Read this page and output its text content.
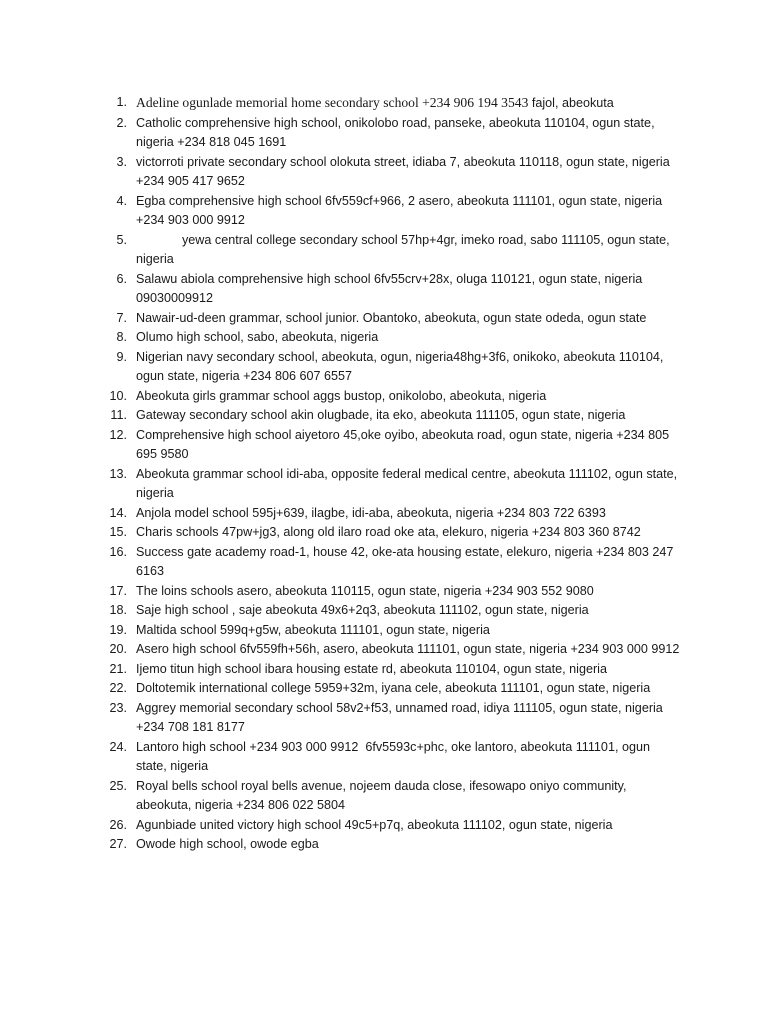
1. Adeline ogunlade memorial home secondary school +234 906 194 3543 fajol, abeokuta
2. Catholic comprehensive high school, onikolobo road, panseke, abeokuta 110104, ogun state, nigeria +234 818 045 1691
3. victorroti private secondary school olokuta street, idiaba 7, abeokuta 110118, ogun state, nigeria   +234 905 417 9652
4. Egba comprehensive high school 6fv559cf+966, 2 asero, abeokuta 111101, ogun state, nigeria +234 903 000 9912
5.	yewa central college secondary school 57hp+4gr, imeko road, sabo 111105, ogun state, nigeria
6. Salawu abiola comprehensive high school 6fv55crv+28x, oluga 110121, ogun state, nigeria 09030009912
7. Nawair-ud-deen grammar, school junior. Obantoko, abeokuta, ogun state odeda, ogun state
8. Olumo high school, sabo, abeokuta, nigeria
9. Nigerian navy secondary school, abeokuta, ogun, nigeria48hg+3f6, onikoko, abeokuta 110104, ogun state, nigeria +234 806 607 6557
10. Abeokuta girls grammar school aggs bustop, onikolobo, abeokuta, nigeria
11. Gateway secondary school akin olugbade, ita eko, abeokuta 111105, ogun state, nigeria
12. Comprehensive high school aiyetoro 45,oke oyibo, abeokuta road, ogun state, nigeria +234 805 695 9580
13. Abeokuta grammar school idi-aba, opposite federal medical centre, abeokuta 111102, ogun state, nigeria
14. Anjola model school 595j+639, ilagbe, idi-aba, abeokuta, nigeria +234 803 722 6393
15. Charis schools 47pw+jg3, along old ilaro road oke ata, elekuro, nigeria +234 803 360 8742
16. Success gate academy road-1, house 42, oke-ata housing estate, elekuro, nigeria +234 803 247 6163
17. The loins schools asero, abeokuta 110115, ogun state, nigeria +234 903 552 9080
18. Saje high school , saje abeokuta 49x6+2q3, abeokuta 111102, ogun state, nigeria
19. Maltida school 599q+g5w, abeokuta 111101, ogun state, nigeria
20. Asero high school 6fv559fh+56h, asero, abeokuta 111101, ogun state, nigeria +234 903 000 9912
21. Ijemo titun high school ibara housing estate rd, abeokuta 110104, ogun state, nigeria
22. Doltotemik international college 5959+32m, iyana cele, abeokuta 111101, ogun state, nigeria
23. Aggrey memorial secondary school 58v2+f53, unnamed road, idiya 111105, ogun state, nigeria +234 708 181 8177
24. Lantoro high school +234 903 000 9912  6fv5593c+phc, oke lantoro, abeokuta 111101, ogun state, nigeria
25. Royal bells school royal bells avenue, nojeem dauda close, ifesowapo oniyo community, abeokuta, nigeria +234 806 022 5804
26. Agunbiade united victory high school 49c5+p7q, abeokuta 111102, ogun state, nigeria
27. Owode high school, owode egba
